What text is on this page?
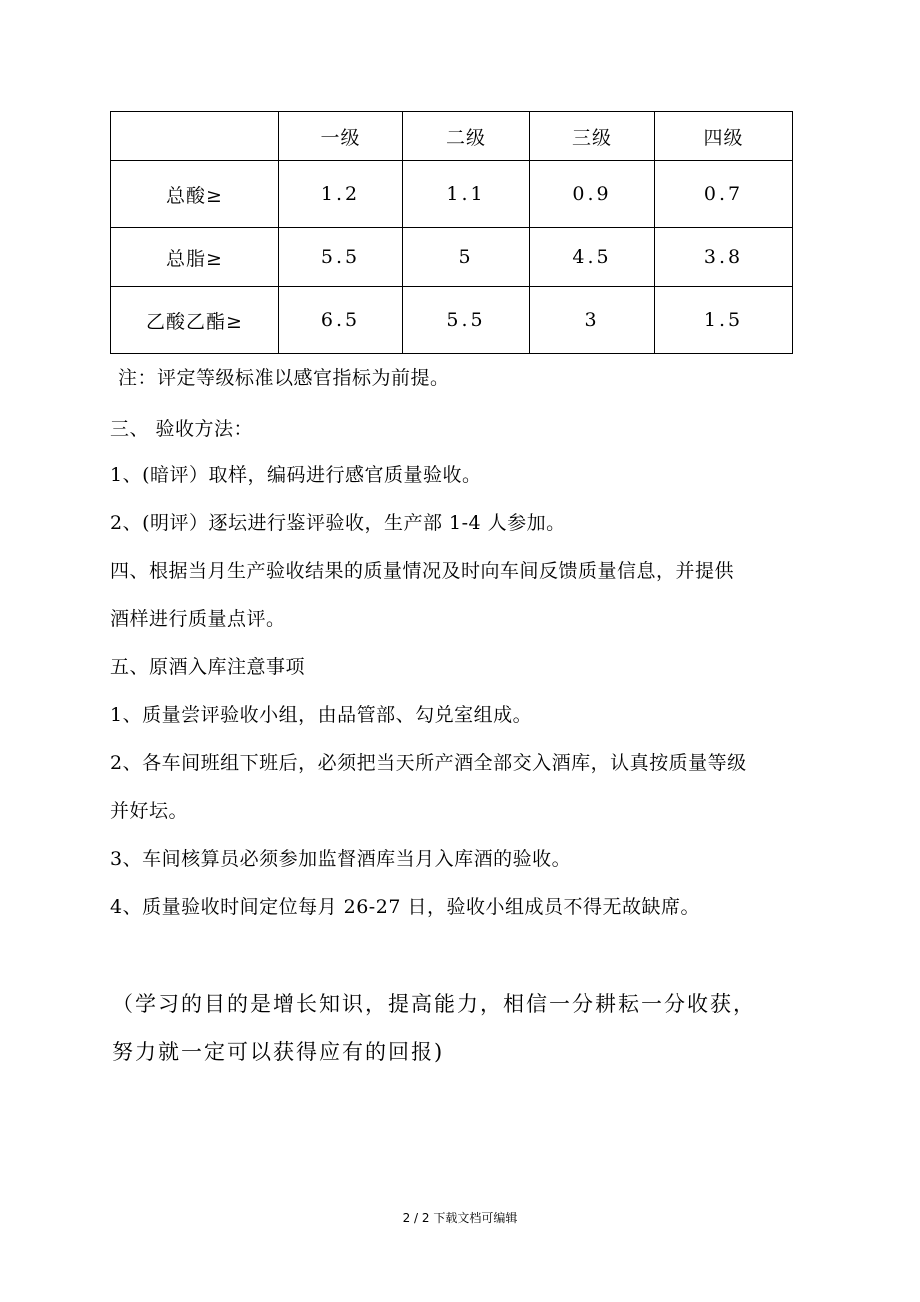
	一级	二级	三级	四级
总酸≥	1.2	1.1	0.9	0.7
总脂≥	5.5	5	4.5	3.8
乙酸乙酯≥	6.5	5.5	3	1.5
注：评定等级标准以感官指标为前提。
三、 验收方法：
1、(暗评）取样，编码进行感官质量验收。
2、(明评）逐坛进行鉴评验收，生产部 1-4 人参加。
四、根据当月生产验收结果的质量情况及时向车间反馈质量信息，并提供
酒样进行质量点评。
五、原酒入库注意事项
1、质量尝评验收小组，由品管部、勾兑室组成。
2、各车间班组下班后，必须把当天所产酒全部交入酒库，认真按质量等级
并好坛。
3、车间核算员必须参加监督酒库当月入库酒的验收。
4、质量验收时间定位每月 26-27 日，验收小组成员不得无故缺席。
（学习的目的是增长知识，提高能力，相信一分耕耘一分收获，
努力就一定可以获得应有的回报)
2 / 2 下载文档可编辑
